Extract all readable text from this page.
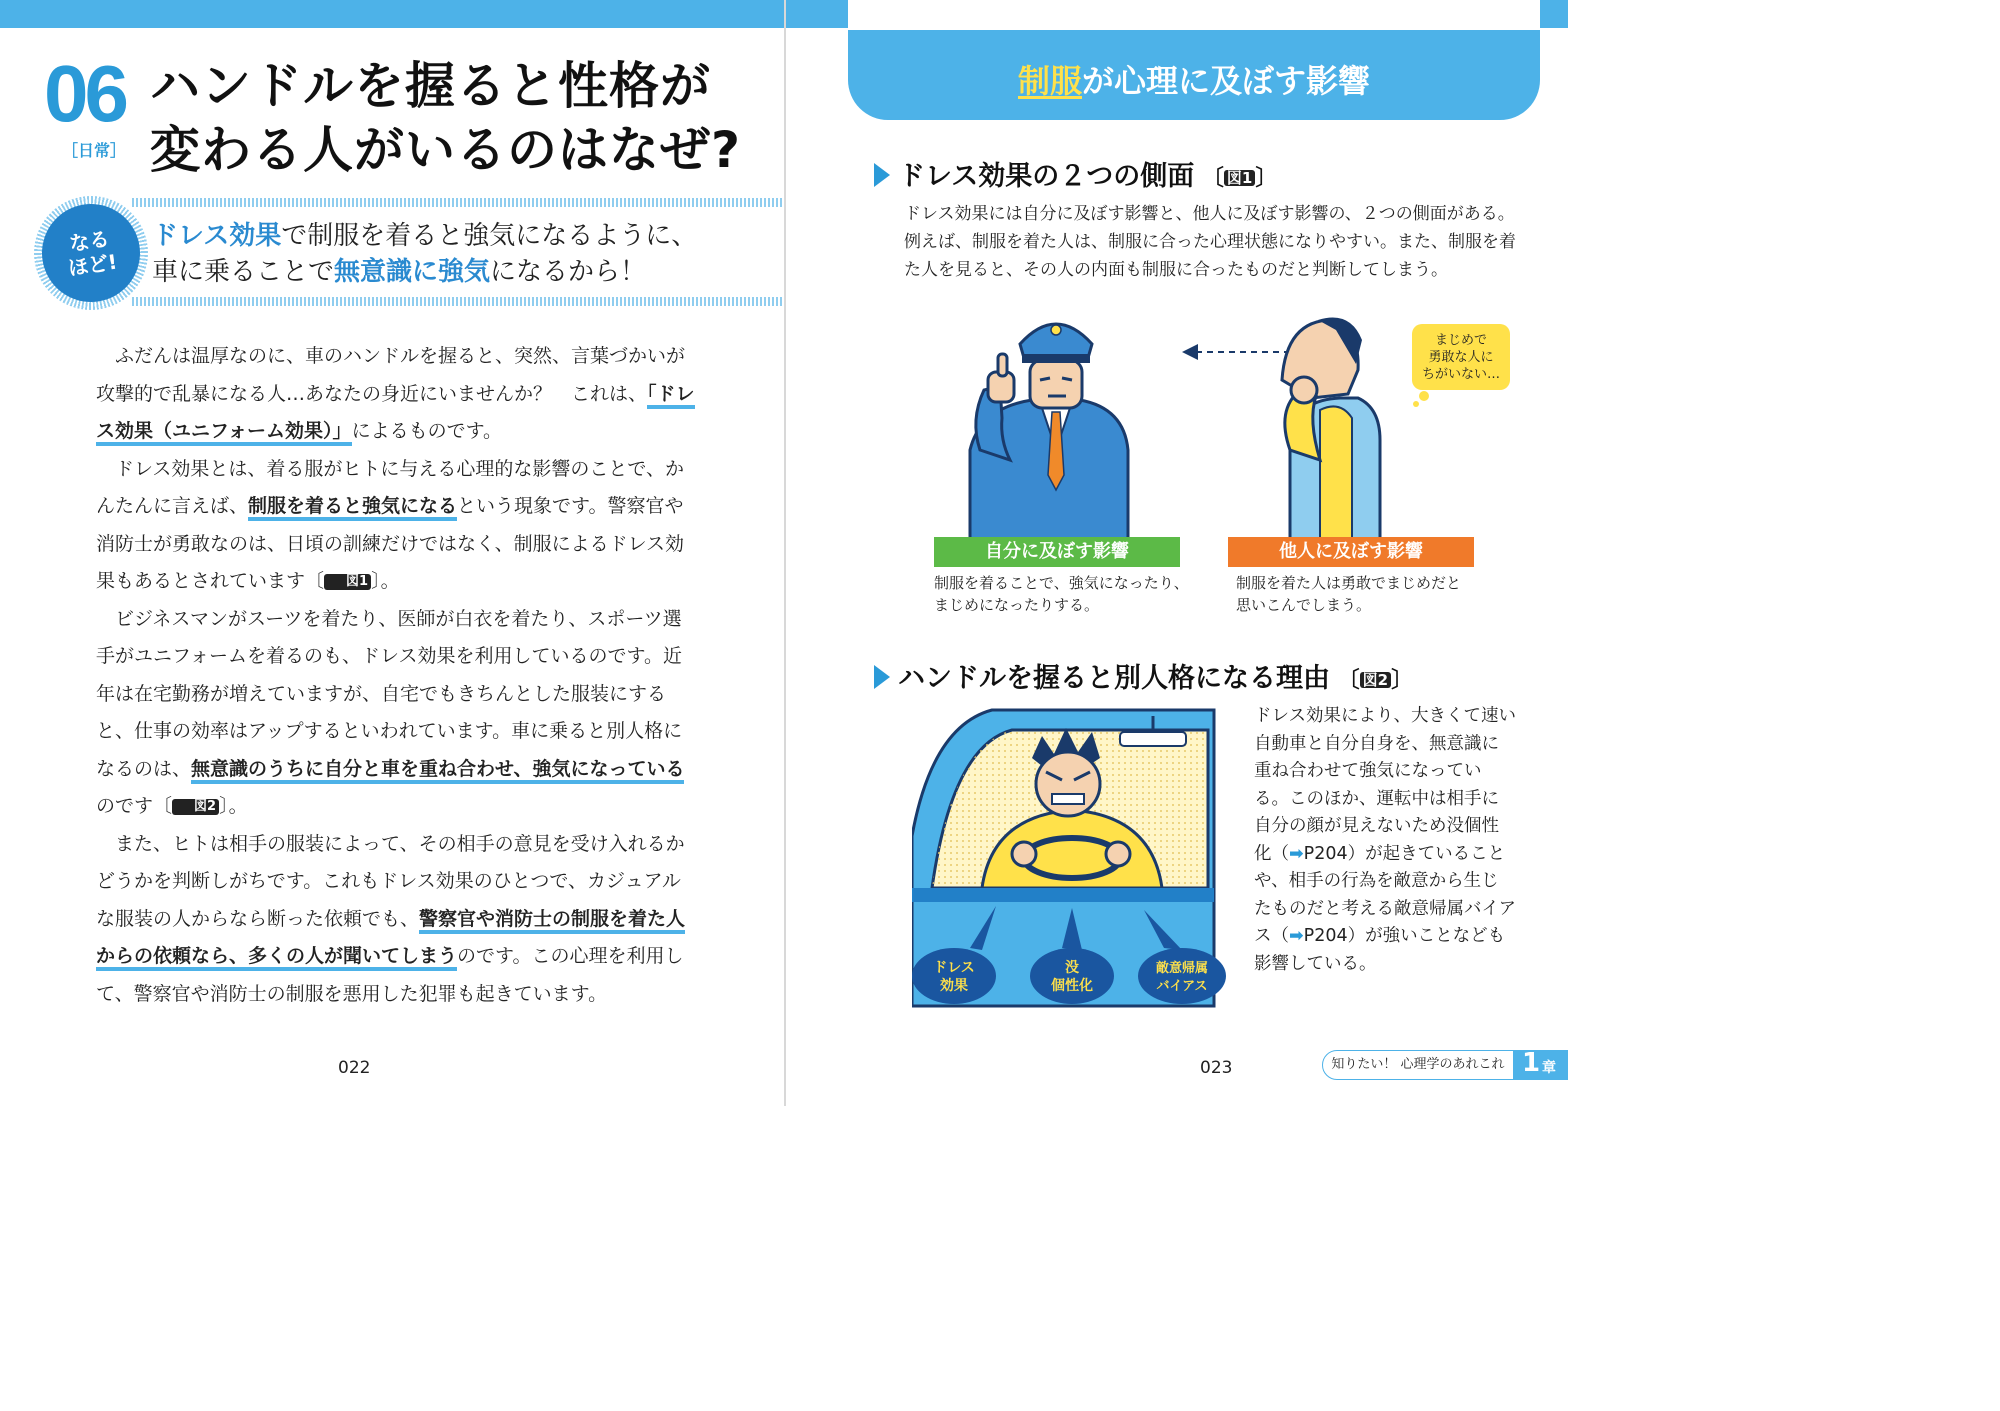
06
［日常］
ハンドルを握ると性格が
変わる人がいるのはなぜ?
なる
ほど!
ドレス効果で制服を着ると強気になるように、
車に乗ることで無意識に強気になるから！

ふだんは温厚なのに、車のハンドルを握ると、突然、言葉づかいが攻撃的で乱暴になる人…あなたの身近にいませんか？　これは、「ドレス効果（ユニフォーム効果）」によるものです。

ドレス効果とは、着る服がヒトに与える心理的な影響のことで、かんたんに言えば、制服を着ると強気になるという現象です。警察官や消防士が勇敢なのは、日頃の訓練だけではなく、制服によるドレス効果もあるとされています〔 図1 〕。

ビジネスマンがスーツを着たり、医師が白衣を着たり、スポーツ選手がユニフォームを着るのも、ドレス効果を利用しているのです。近年は在宅勤務が増えていますが、自宅でもきちんとした服装にすると、仕事の効率はアップするといわれています。車に乗ると別人格になるのは、無意識のうちに自分と車を重ね合わせ、強気になっているのです〔 図2 〕。

また、ヒトは相手の服装によって、その相手の意見を受け入れるかどうかを判断しがちです。これもドレス効果のひとつで、カジュアルな服装の人からなら断った依頼でも、警察官や消防士の制服を着た人からの依頼なら、多くの人が聞いてしまうのです。この心理を利用して、警察官や消防士の制服を悪用した犯罪も起きています。

022
制服が心理に及ぼす影響
ドレス効果の２つの側面 〔 図1 〕
ドレス効果には自分に及ぼす影響と、他人に及ぼす影響の、２つの側面がある。例えば、制服を着た人は、制服に合った心理状態になりやすい。また、制服を着た人を見ると、その人の内面も制服に合ったものだと判断してしまう。
まじめで
勇敢な人に
ちがいない…
自分に及ぼす影響
制服を着ることで、強気になったり、
まじめになったりする。
他人に及ぼす影響
制服を着た人は勇敢でまじめだと
思いこんでしまう。
ハンドルを握ると別人格になる理由 〔 図2 〕
ドレス
効果
没
個性化
敵意帰属
バイアス
ドレス効果により、大きくて速い自動車と自分自身を、無意識に重ね合わせて強気になっている。このほか、運転中は相手に自分の顔が見えないため没個性化（➡P204）が起きていることや、相手の行為を敵意から生じたものだと考える敵意帰属バイアス（➡P204）が強いことなども影響している。
023	知りたい！ 心理学のあれこれ 1 章
